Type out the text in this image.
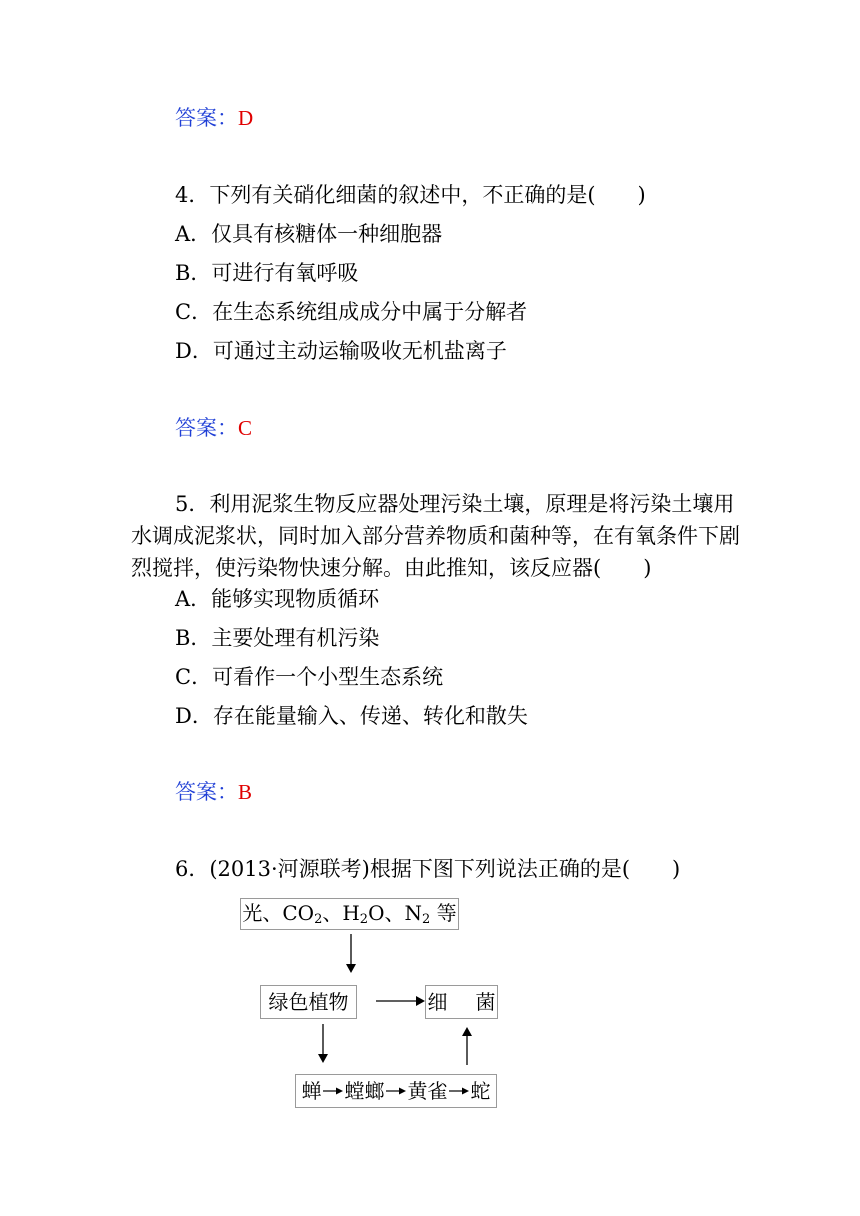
答案：D
4．下列有关硝化细菌的叙述中，不正确的是(　　)
A．仅具有核糖体一种细胞器
B．可进行有氧呼吸
C．在生态系统组成成分中属于分解者
D．可通过主动运输吸收无机盐离子
答案：C
5．利用泥浆生物反应器处理污染土壤，原理是将污染土壤用水调成泥浆状，同时加入部分营养物质和菌种等，在有氧条件下剧烈搅拌，使污染物快速分解。由此推知，该反应器(　　)
A．能够实现物质循环
B．主要处理有机污染
C．可看作一个小型生态系统
D．存在能量输入、传递、转化和散失
答案：B
6．(2013·河源联考)根据下图下列说法正确的是(　　)
光、$CO_2$、$H_2O$、$N_2$ 等
绿色植物	细 菌
蝉 螳螂 黄雀 蛇
